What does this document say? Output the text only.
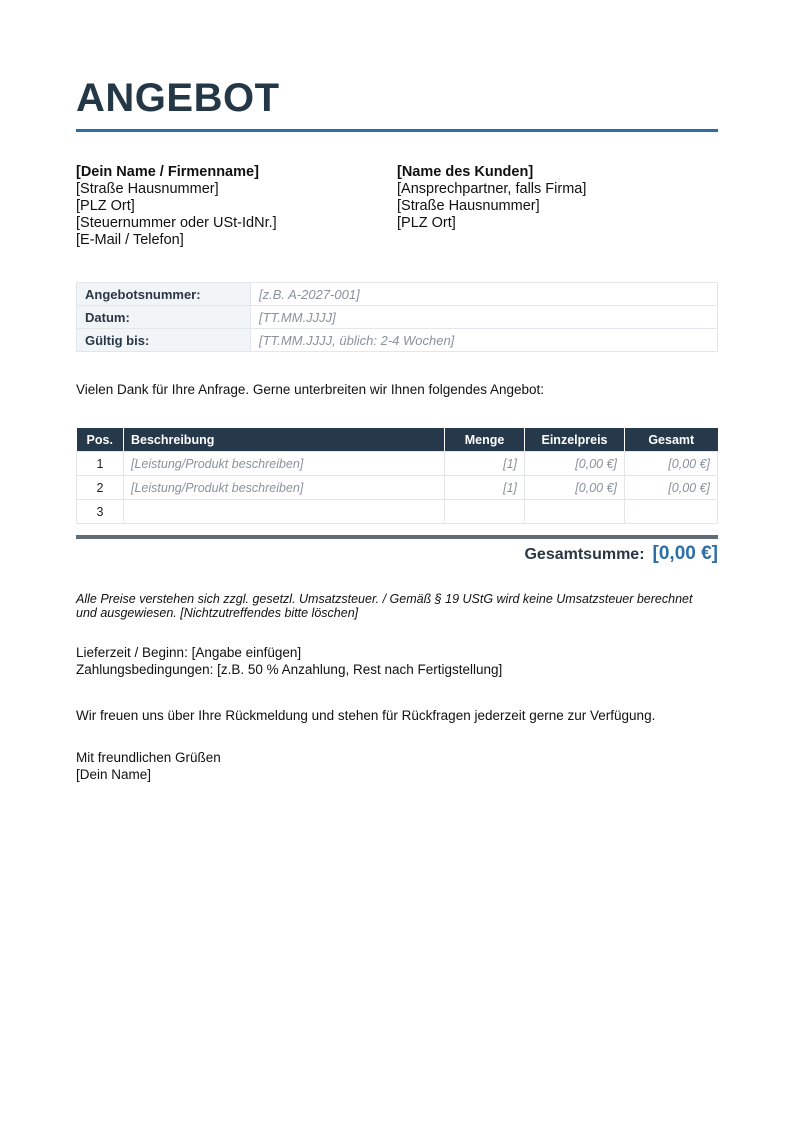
ANGEBOT
[Dein Name / Firmenname]
[Straße Hausnummer]
[PLZ Ort]
[Steuernummer oder USt-IdNr.]
[E-Mail / Telefon]
[Name des Kunden]
[Ansprechpartner, falls Firma]
[Straße Hausnummer]
[PLZ Ort]
Angebotsnummer:	[z.B. A-2027-001]
Datum:	[TT.MM.JJJJ]
Gültig bis:	[TT.MM.JJJJ, üblich: 2-4 Wochen]
Vielen Dank für Ihre Anfrage. Gerne unterbreiten wir Ihnen folgendes Angebot:
Pos.	Beschreibung	Menge	Einzelpreis	Gesamt
1	[Leistung/Produkt beschreiben]	[1]	[0,00 €]	[0,00 €]
2	[Leistung/Produkt beschreiben]	[1]	[0,00 €]	[0,00 €]
3				
Gesamtsumme: [0,00 €]
Alle Preise verstehen sich zzgl. gesetzl. Umsatzsteuer. / Gemäß § 19 UStG wird keine Umsatzsteuer berechnet und ausgewiesen. [Nichtzutreffendes bitte löschen]
Lieferzeit / Beginn: [Angabe einfügen]
Zahlungsbedingungen: [z.B. 50 % Anzahlung, Rest nach Fertigstellung]
Wir freuen uns über Ihre Rückmeldung und stehen für Rückfragen jederzeit gerne zur Verfügung.
Mit freundlichen Grüßen
[Dein Name]
